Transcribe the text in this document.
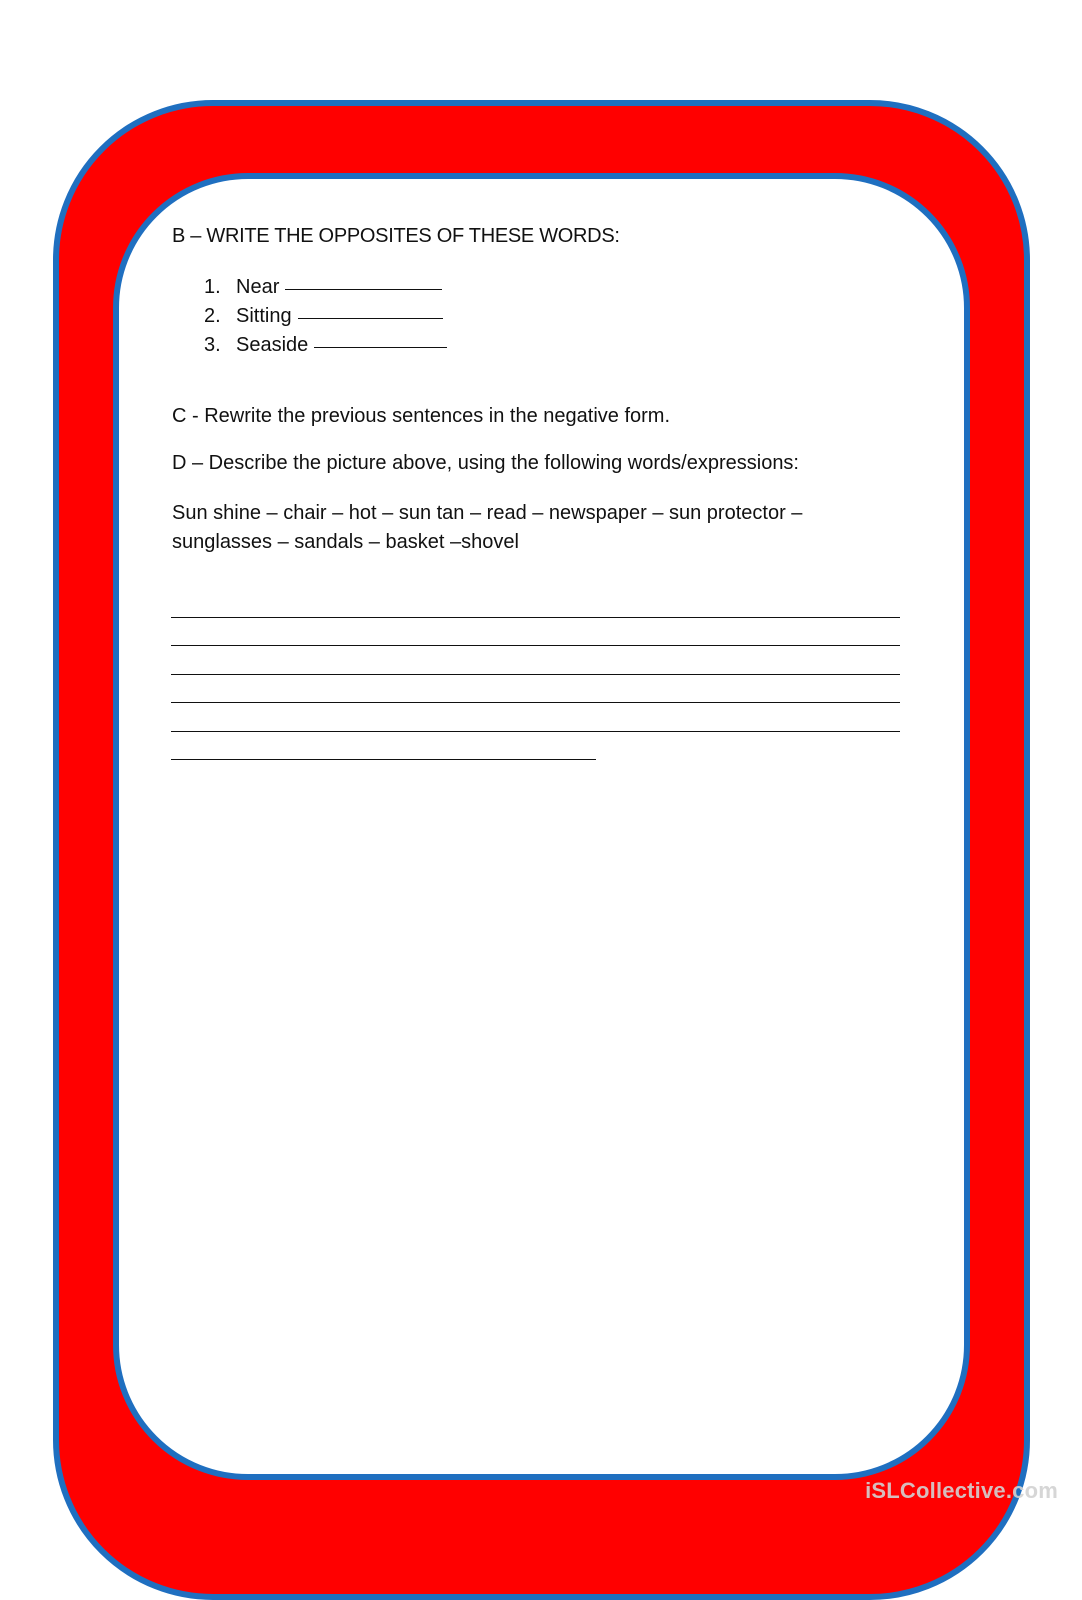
B – WRITE THE OPPOSITES OF THESE WORDS:

1. Near
2. Sitting
3. Seaside

C - Rewrite the previous sentences in the negative form.

D – Describe the picture above, using the following words/expressions:

Sun shine – chair – hot – sun tan – read – newspaper – sun protector – sunglasses – sandals – basket –shovel

iSLCollective.com
